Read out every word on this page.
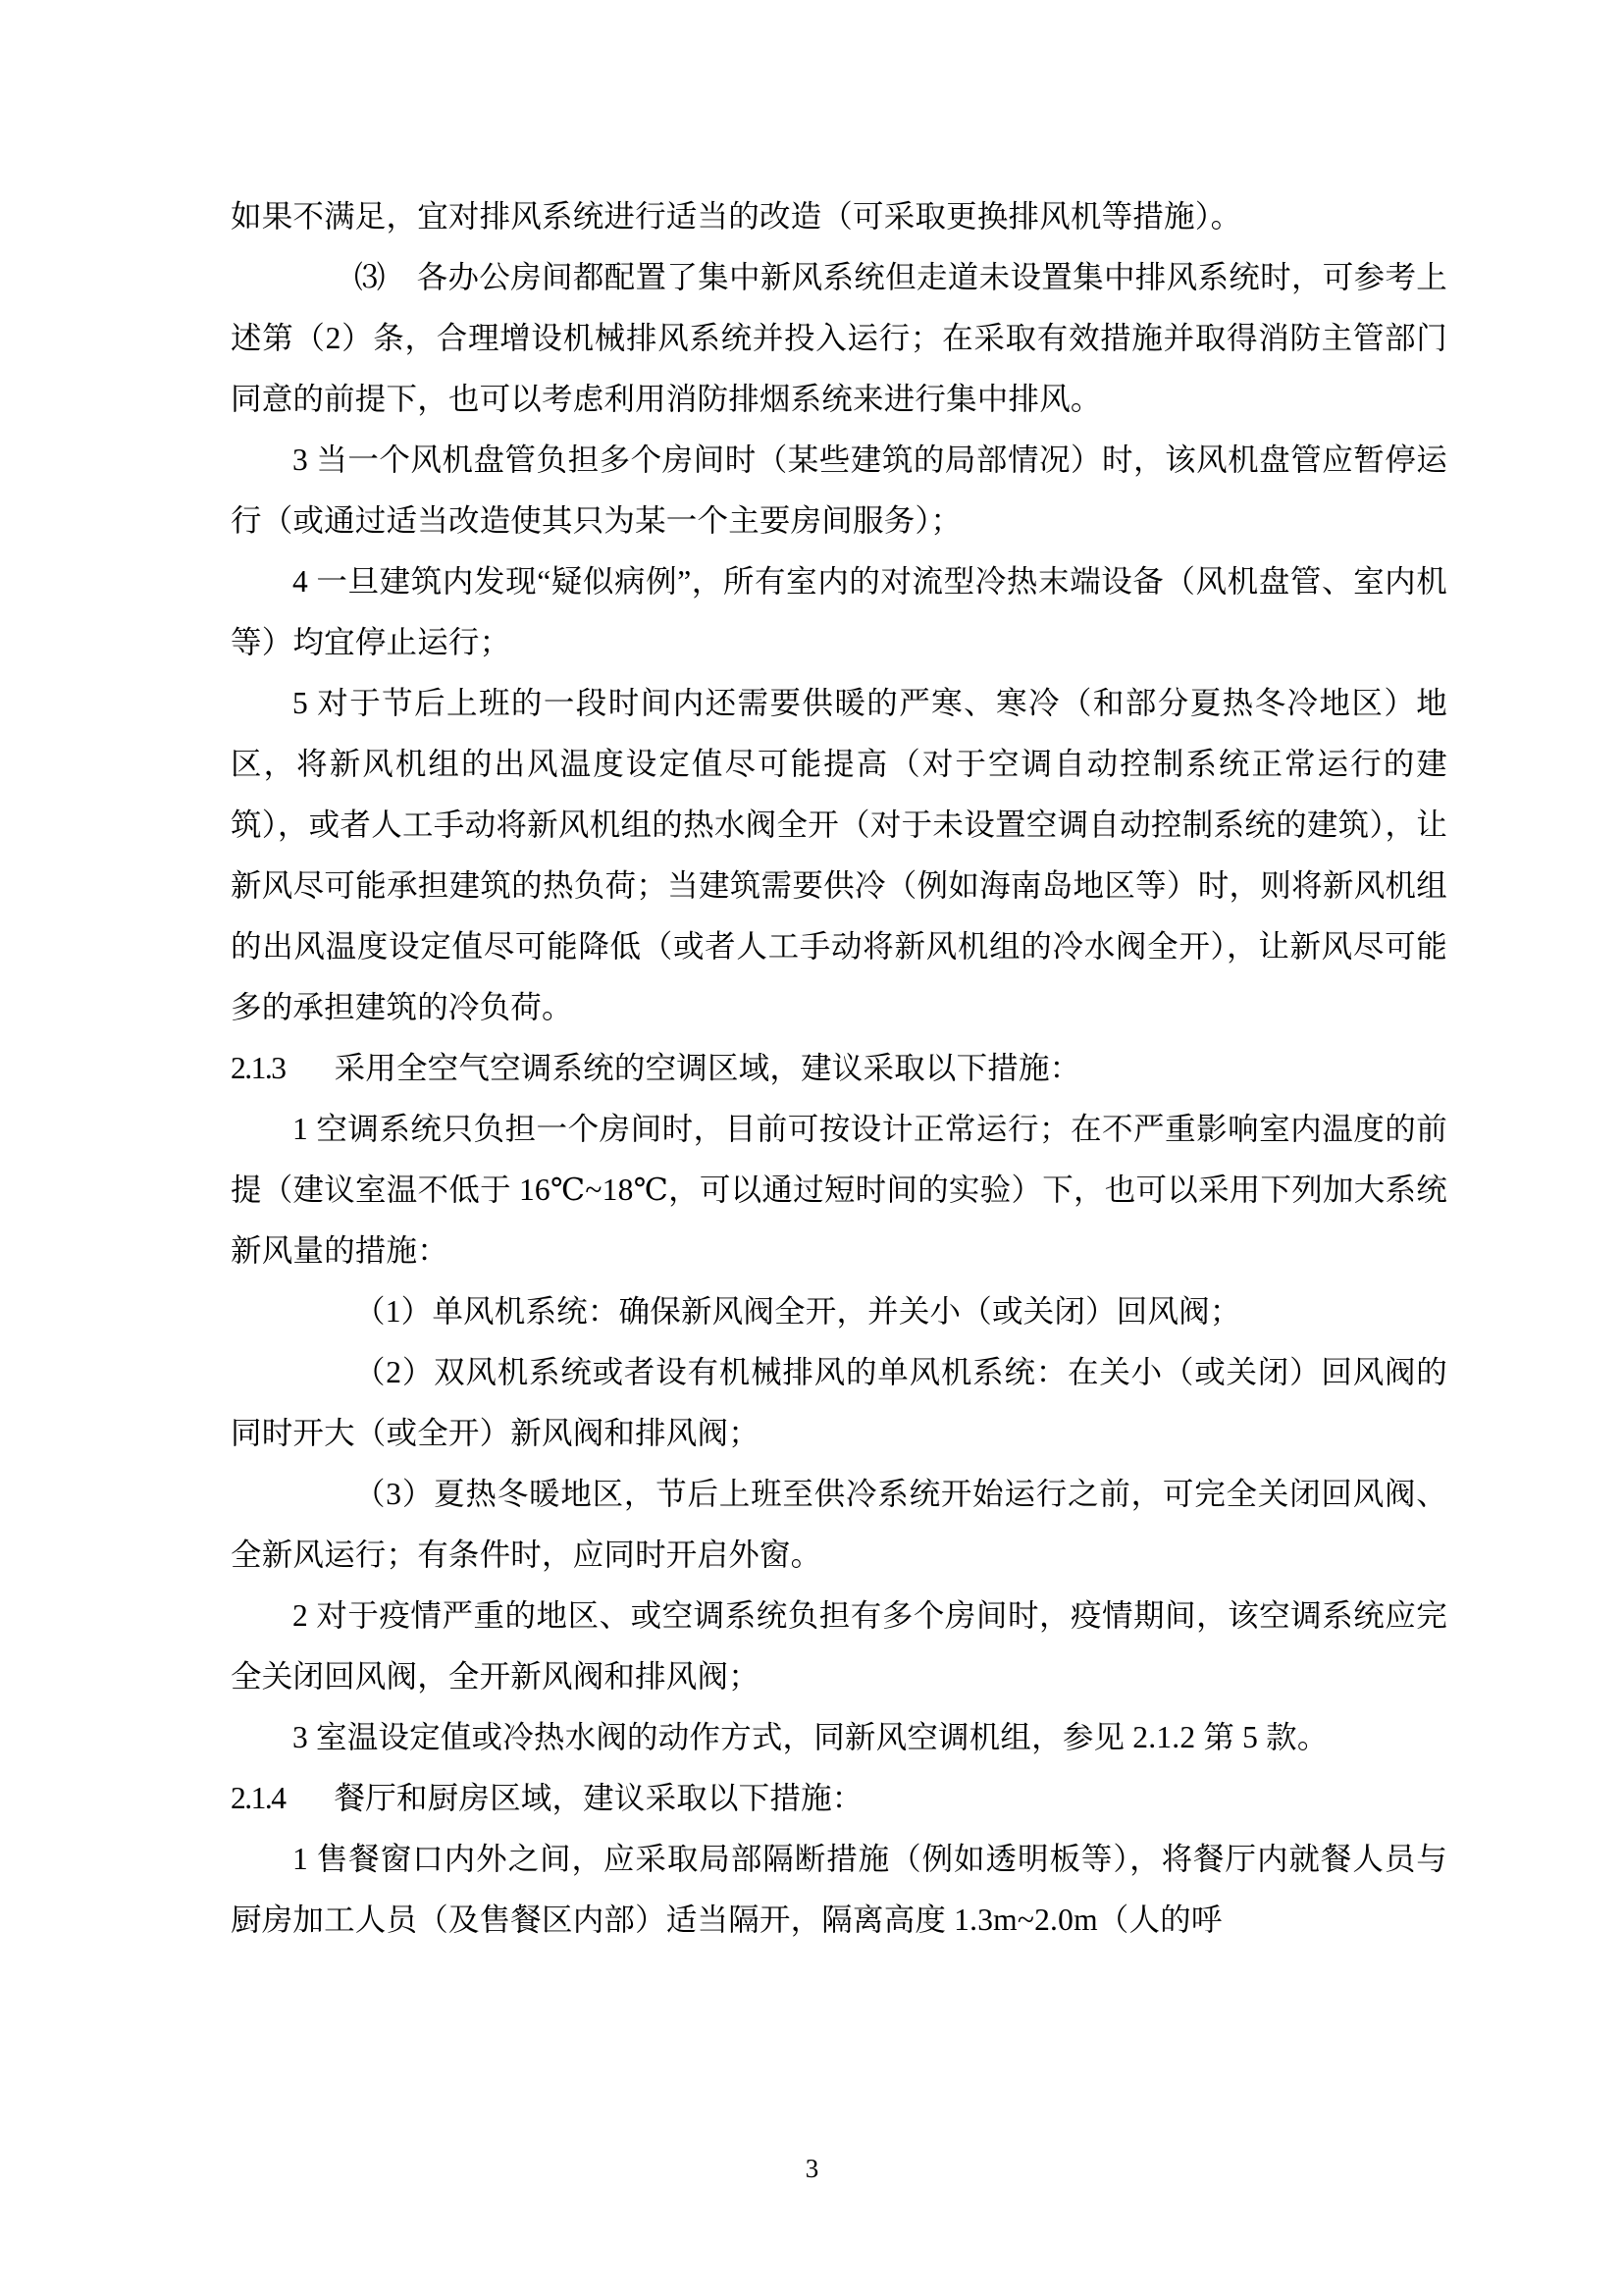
如果不满足，宜对排风系统进行适当的改造（可采取更换排风机等措施）。

⑶　各办公房间都配置了集中新风系统但走道未设置集中排风系统时，可参考上述第（2）条，合理增设机械排风系统并投入运行；在采取有效措施并取得消防主管部门同意的前提下，也可以考虑利用消防排烟系统来进行集中排风。

3 当一个风机盘管负担多个房间时（某些建筑的局部情况）时，该风机盘管应暂停运行（或通过适当改造使其只为某一个主要房间服务）；

4 一旦建筑内发现“疑似病例”，所有室内的对流型冷热末端设备（风机盘管、室内机等）均宜停止运行；

5 对于节后上班的一段时间内还需要供暖的严寒、寒冷（和部分夏热冬冷地区）地区，将新风机组的出风温度设定值尽可能提高（对于空调自动控制系统正常运行的建筑），或者人工手动将新风机组的热水阀全开（对于未设置空调自动控制系统的建筑），让新风尽可能承担建筑的热负荷；当建筑需要供冷（例如海南岛地区等）时，则将新风机组的出风温度设定值尽可能降低（或者人工手动将新风机组的冷水阀全开），让新风尽可能多的承担建筑的冷负荷。

2.1.3 采用全空气空调系统的空调区域，建议采取以下措施：

1 空调系统只负担一个房间时，目前可按设计正常运行；在不严重影响室内温度的前提（建议室温不低于 16℃~18℃，可以通过短时间的实验）下，也可以采用下列加大系统新风量的措施：

（1）单风机系统：确保新风阀全开，并关小（或关闭）回风阀；

（2）双风机系统或者设有机械排风的单风机系统：在关小（或关闭）回风阀的同时开大（或全开）新风阀和排风阀；

（3）夏热冬暖地区，节后上班至供冷系统开始运行之前，可完全关闭回风阀、全新风运行；有条件时，应同时开启外窗。

2 对于疫情严重的地区、或空调系统负担有多个房间时，疫情期间，该空调系统应完全关闭回风阀，全开新风阀和排风阀；

3 室温设定值或冷热水阀的动作方式，同新风空调机组，参见 2.1.2 第 5 款。

2.1.4 餐厅和厨房区域，建议采取以下措施：

1 售餐窗口内外之间，应采取局部隔断措施（例如透明板等），将餐厅内就餐人员与厨房加工人员（及售餐区内部）适当隔开，隔离高度 1.3m~2.0m（人的呼

3
